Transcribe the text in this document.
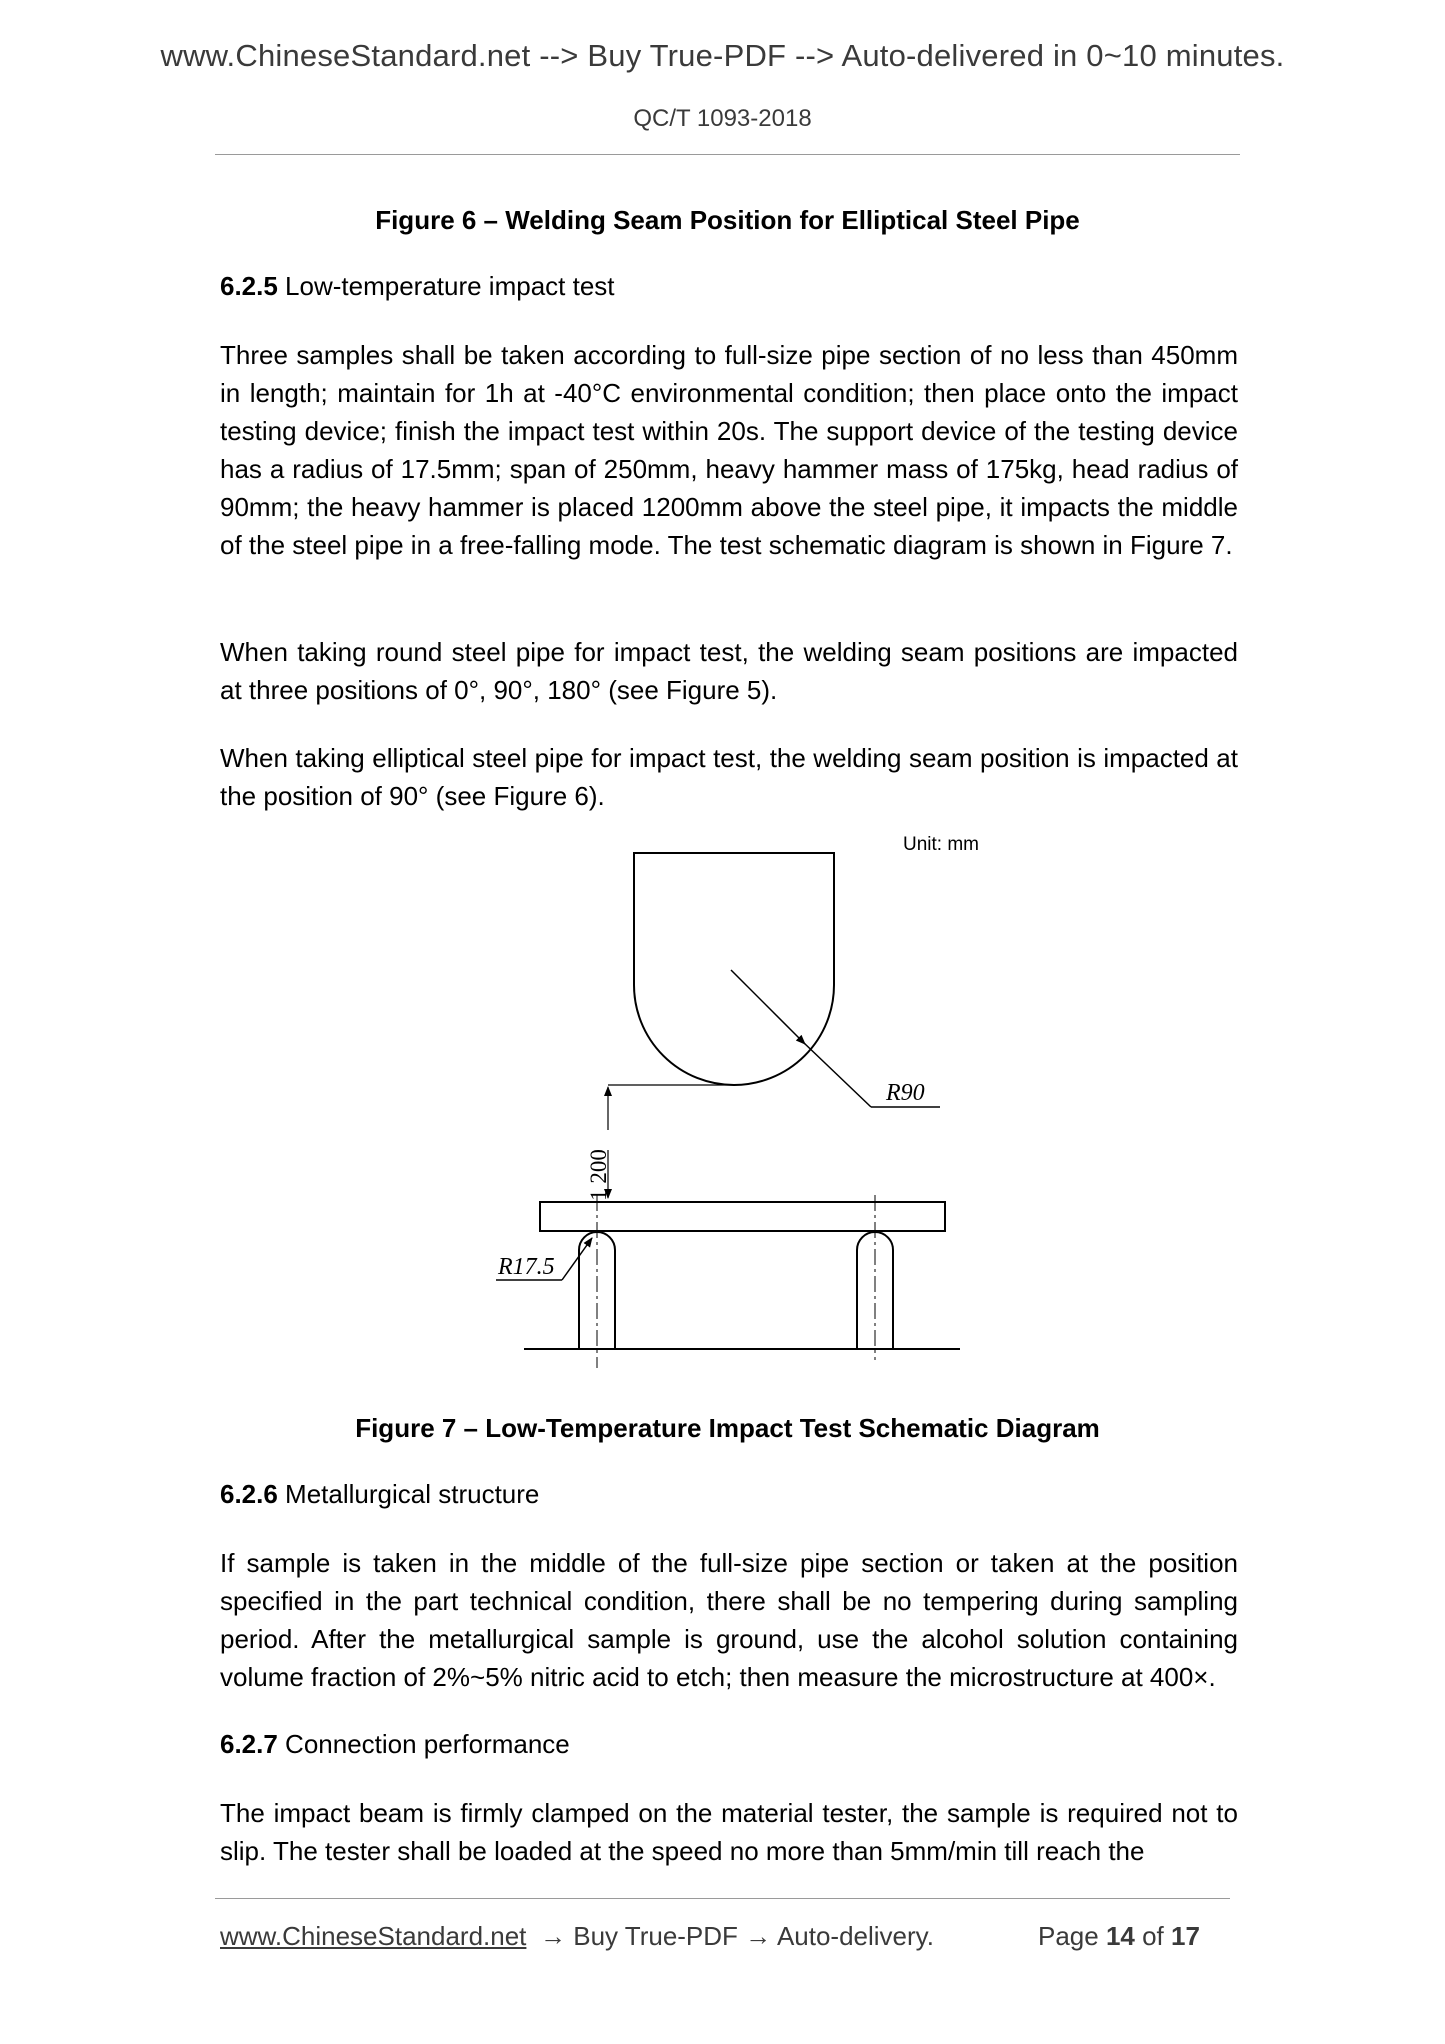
www.ChineseStandard.net --> Buy True-PDF --> Auto-delivered in 0~10 minutes.
QC/T 1093-2018
Figure 6 – Welding Seam Position for Elliptical Steel Pipe
6.2.5 Low-temperature impact test
Three samples shall be taken according to full-size pipe section of no less than 450mm in length; maintain for 1h at -40°C environmental condition; then place onto the impact testing device; finish the impact test within 20s. The support device of the testing device has a radius of 17.5mm; span of 250mm, heavy hammer mass of 175kg, head radius of 90mm; the heavy hammer is placed 1200mm above the steel pipe, it impacts the middle of the steel pipe in a free-falling mode. The test schematic diagram is shown in Figure 7.
When taking round steel pipe for impact test, the welding seam positions are impacted at three positions of 0°, 90°, 180° (see Figure 5).
When taking elliptical steel pipe for impact test, the welding seam position is impacted at the position of 90° (see Figure 6).
Unit: mm
R90
1 200
R17.5
Figure 7 – Low-Temperature Impact Test Schematic Diagram
6.2.6 Metallurgical structure
If sample is taken in the middle of the full-size pipe section or taken at the position specified in the part technical condition, there shall be no tempering during sampling period. After the metallurgical sample is ground, use the alcohol solution containing volume fraction of 2%~5% nitric acid to etch; then measure the microstructure at 400×.
6.2.7 Connection performance
The impact beam is firmly clamped on the material tester, the sample is required not to slip. The tester shall be loaded at the speed no more than 5mm/min till reach the
www.ChineseStandard.net → Buy True-PDF → Auto-delivery.	Page 14 of 17
